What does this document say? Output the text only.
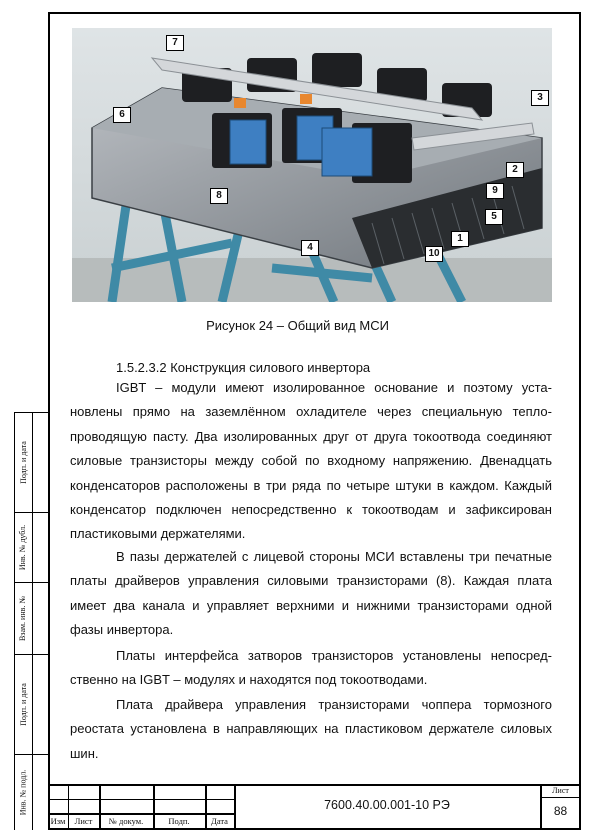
7
6
3
2
9
5
8
1
4
10
Рисунок 24 – Общий вид МСИ
1.5.2.3.2 Конструкция силового инвертора
IGBT – модули имеют изолированное основание и поэтому установлены прямо на заземлённом охладителе через специальную теплопроводящую пасту. Два изолированных друг от друга токоотвода соединяют силовые транзисторы между собой по входному напряжению. Двенадцать конденсаторов расположены в три ряда по четыре штуки в каждом. Каждый конденсатор подключен непосредственно к токоотводам и зафиксирован пластиковыми держателями.
В пазы держателей с лицевой стороны МСИ вставлены три печатные платы драйверов управления силовыми транзисторами (8). Каждая плата имеет два канала и управляет верхними и нижними транзисторами одной фазы инвертора.
Платы интерфейса затворов транзисторов установлены непосредственно на IGBT – модулях и находятся под токоотводами.
Плата драйвера управления транзисторами чоппера тормозного реостата установлена в направляющих на пластиковом держателе силовых шин.
Подп. и дата
Инв. № дубл.
Взам. инв. №
Подп. и дата
Инв. № подл.
Изм	Лист	№ докум.	Подп.	Дата
7600.40.00.001-10 РЭ
Лист
88
